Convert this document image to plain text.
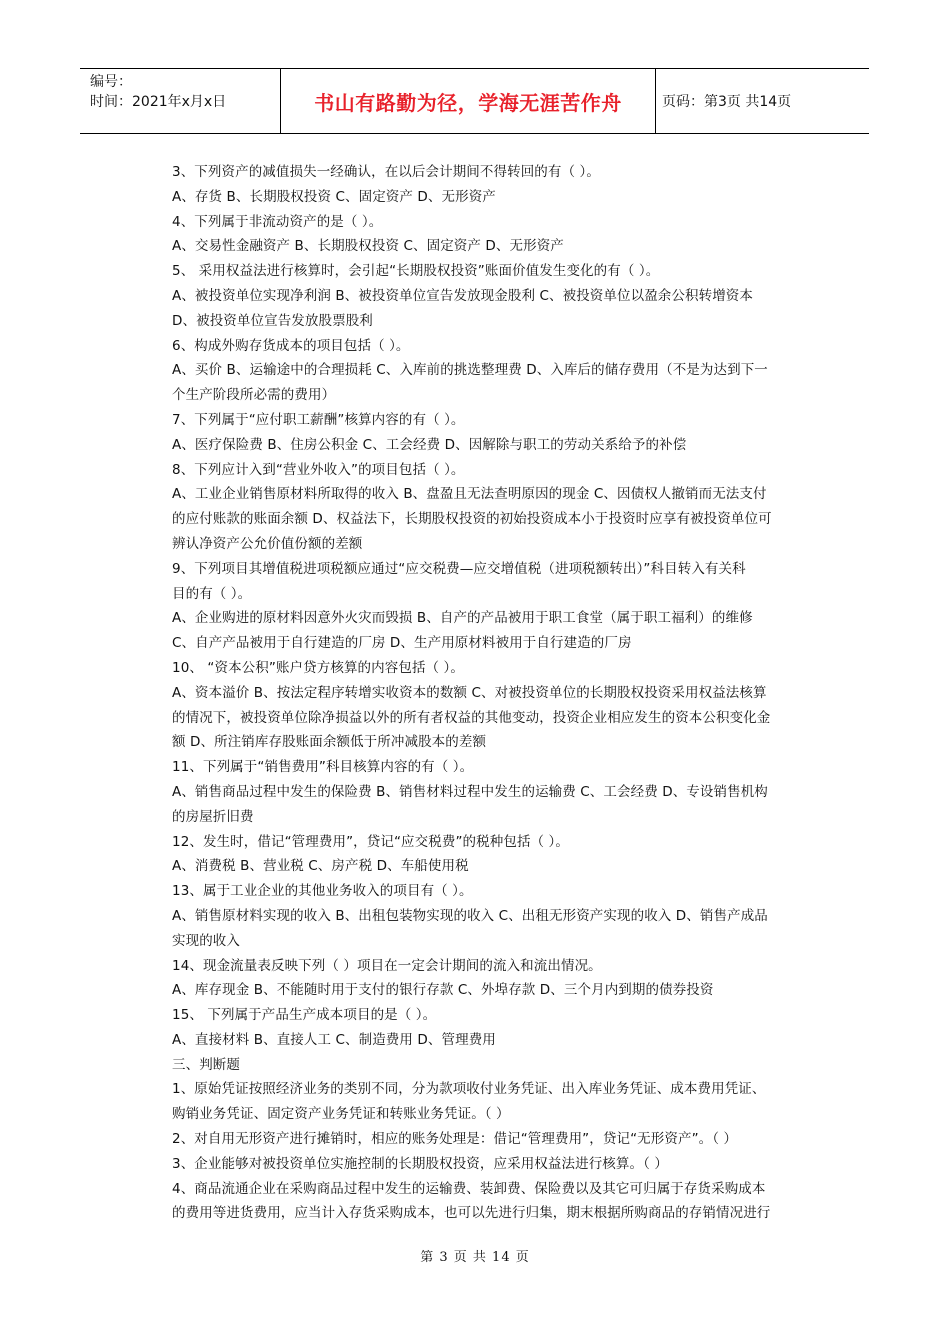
编号：
时间：2021年x月x日	书山有路勤为径，学海无涯苦作舟	页码：第3页 共14页
3、下列资产的减值损失一经确认，在以后会计期间不得转回的有（ ）。
A、存货 B、长期股权投资 C、固定资产 D、无形资产
4、下列属于非流动资产的是（ ）。
A、交易性金融资产 B、长期股权投资 C、固定资产 D、无形资产
5、 采用权益法进行核算时，会引起“长期股权投资”账面价值发生变化的有（ ）。
A、被投资单位实现净利润 B、被投资单位宣告发放现金股利 C、被投资单位以盈余公积转增资本
D、被投资单位宣告发放股票股利
6、构成外购存货成本的项目包括（ ）。
A、买价 B、运输途中的合理损耗 C、入库前的挑选整理费 D、入库后的储存费用（不是为达到下一
个生产阶段所必需的费用）
7、下列属于“应付职工薪酬”核算内容的有（ ）。
A、医疗保险费 B、住房公积金 C、工会经费 D、因解除与职工的劳动关系给予的补偿
8、下列应计入到“营业外收入”的项目包括（ ）。
A、工业企业销售原材料所取得的收入 B、盘盈且无法查明原因的现金 C、因债权人撤销而无法支付
的应付账款的账面余额 D、权益法下，长期股权投资的初始投资成本小于投资时应享有被投资单位可
辨认净资产公允价值份额的差额
9、下列项目其增值税进项税额应通过“应交税费—应交增值税（进项税额转出）”科目转入有关科
目的有（ ）。
A、企业购进的原材料因意外火灾而毁损 B、自产的产品被用于职工食堂（属于职工福利）的维修
C、自产产品被用于自行建造的厂房 D、生产用原材料被用于自行建造的厂房
10、 “资本公积”账户贷方核算的内容包括（ ）。
A、资本溢价 B、按法定程序转增实收资本的数额 C、对被投资单位的长期股权投资采用权益法核算
的情况下，被投资单位除净损益以外的所有者权益的其他变动，投资企业相应发生的资本公积变化金
额 D、所注销库存股账面余额低于所冲减股本的差额
11、下列属于“销售费用”科目核算内容的有（ ）。
A、销售商品过程中发生的保险费 B、销售材料过程中发生的运输费 C、工会经费 D、专设销售机构
的房屋折旧费
12、发生时，借记“管理费用”，贷记“应交税费”的税种包括（ ）。
A、消费税 B、营业税 C、房产税 D、车船使用税
13、属于工业企业的其他业务收入的项目有（ ）。
A、销售原材料实现的收入 B、出租包装物实现的收入 C、出租无形资产实现的收入 D、销售产成品
实现的收入
14、现金流量表反映下列（ ）项目在一定会计期间的流入和流出情况。
A、库存现金 B、不能随时用于支付的银行存款 C、外埠存款 D、三个月内到期的债券投资
15、 下列属于产品生产成本项目的是（ ）。
A、直接材料 B、直接人工 C、制造费用 D、管理费用
三、判断题
1、原始凭证按照经济业务的类别不同，分为款项收付业务凭证、出入库业务凭证、成本费用凭证、
购销业务凭证、固定资产业务凭证和转账业务凭证。（ ）
2、对自用无形资产进行摊销时，相应的账务处理是：借记“管理费用”，贷记“无形资产”。（ ）
3、企业能够对被投资单位实施控制的长期股权投资，应采用权益法进行核算。（ ）
4、商品流通企业在采购商品过程中发生的运输费、装卸费、保险费以及其它可归属于存货采购成本
的费用等进货费用，应当计入存货采购成本，也可以先进行归集，期末根据所购商品的存销情况进行
第 3 页 共 14 页
